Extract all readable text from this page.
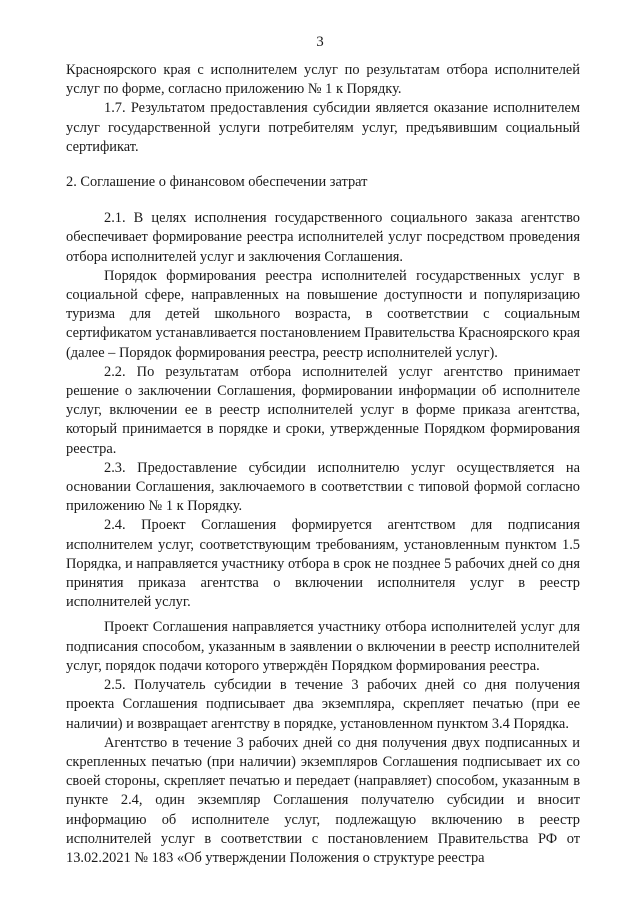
3

Красноярского края с исполнителем услуг по результатам отбора исполнителей услуг по форме, согласно приложению № 1 к Порядку.

1.7. Результатом предоставления субсидии является оказание исполнителем услуг государственной услуги потребителям услуг, предъявившим социальный сертификат.

2. Соглашение о финансовом обеспечении затрат

2.1. В целях исполнения государственного социального заказа агентство обеспечивает формирование реестра исполнителей услуг посредством проведения отбора исполнителей услуг и заключения Соглашения.

Порядок формирования реестра исполнителей государственных услуг в социальной сфере, направленных на повышение доступности и популяризацию туризма для детей школьного возраста, в соответствии с социальным сертификатом устанавливается постановлением Правительства Красноярского края (далее – Порядок формирования реестра, реестр исполнителей услуг).

2.2. По результатам отбора исполнителей услуг агентство принимает решение о заключении Соглашения, формировании информации об исполнителе услуг, включении ее в реестр исполнителей услуг в форме приказа агентства, который принимается в порядке и сроки, утвержденные Порядком формирования реестра.

2.3. Предоставление субсидии исполнителю услуг осуществляется на основании Соглашения, заключаемого в соответствии с типовой формой согласно приложению № 1 к Порядку.

2.4. Проект Соглашения формируется агентством для подписания исполнителем услуг, соответствующим требованиям, установленным пунктом 1.5 Порядка, и направляется участнику отбора в срок не позднее 5 рабочих дней со дня принятия приказа агентства о включении исполнителя услуг в реестр исполнителей услуг.

Проект Соглашения направляется участнику отбора исполнителей услуг для подписания способом, указанным в заявлении о включении в реестр исполнителей услуг, порядок подачи которого утверждён Порядком формирования реестра.

2.5. Получатель субсидии в течение 3 рабочих дней со дня получения проекта Соглашения подписывает два экземпляра, скрепляет печатью (при ее наличии) и возвращает агентству в порядке, установленном пунктом 3.4 Порядка.

Агентство в течение 3 рабочих дней со дня получения двух подписанных и скрепленных печатью (при наличии) экземпляров Соглашения подписывает их со своей стороны, скрепляет печатью и передает (направляет) способом, указанным в пункте 2.4, один экземпляр Соглашения получателю субсидии и вносит информацию об исполнителе услуг, подлежащую включению в реестр исполнителей услуг в соответствии с постановлением Правительства РФ от 13.02.2021 № 183 «Об утверждении Положения о структуре реестра
